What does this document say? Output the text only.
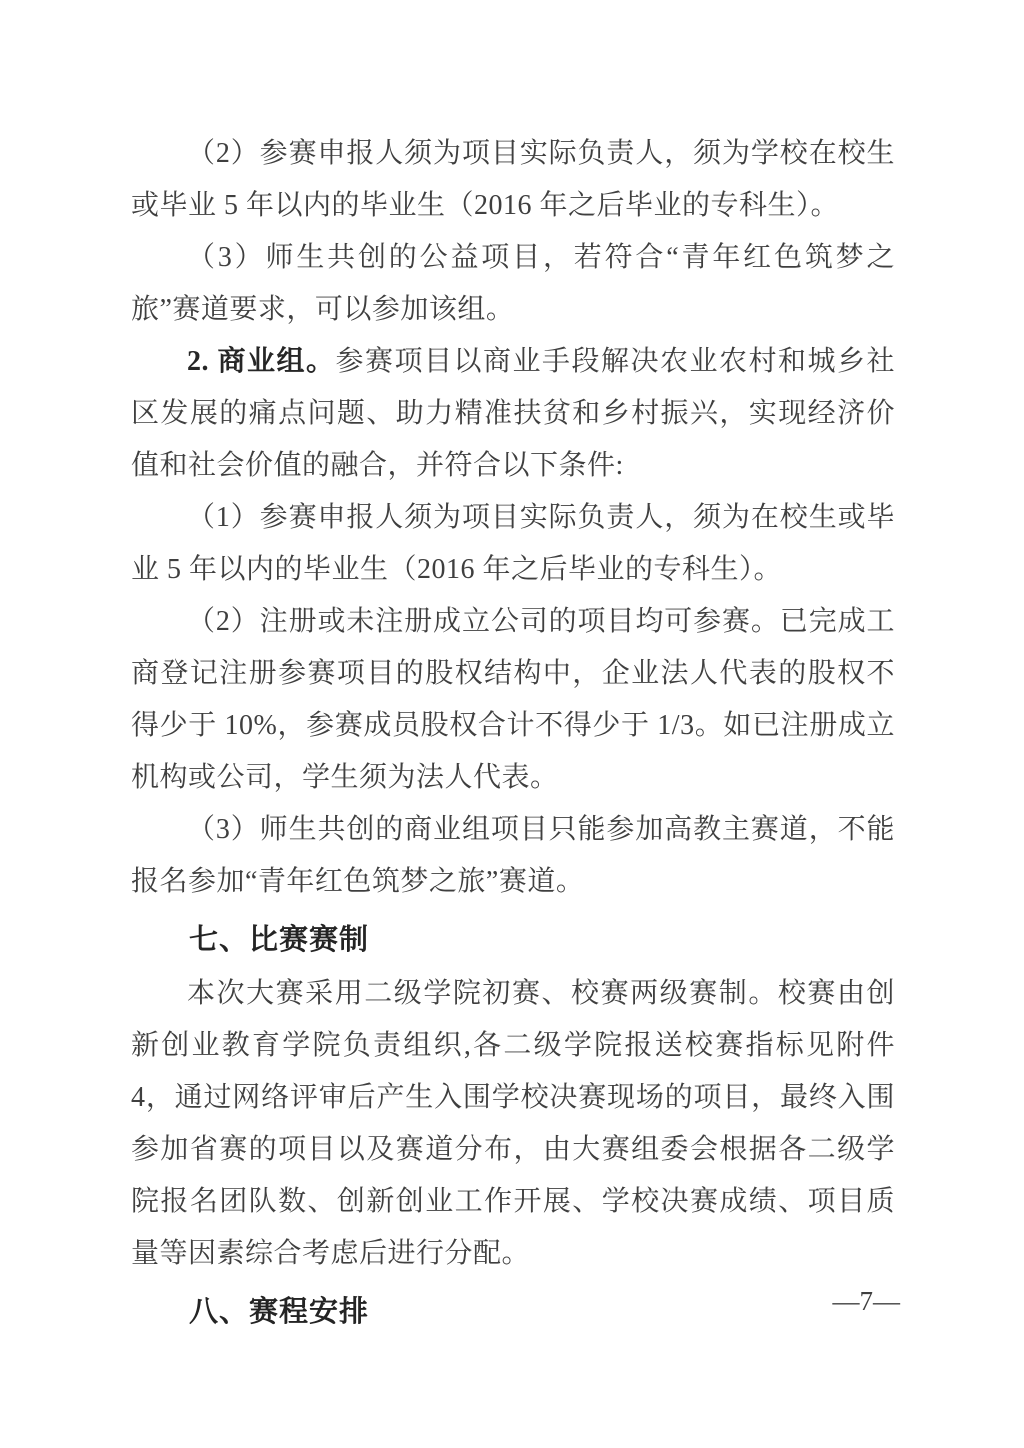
（2）参赛申报人须为项目实际负责人，须为学校在校生或毕业 5 年以内的毕业生（2016 年之后毕业的专科生）。

（3）师生共创的公益项目，若符合“青年红色筑梦之旅”赛道要求，可以参加该组。

2. 商业组。参赛项目以商业手段解决农业农村和城乡社区发展的痛点问题、助力精准扶贫和乡村振兴，实现经济价值和社会价值的融合，并符合以下条件:

（1）参赛申报人须为项目实际负责人，须为在校生或毕业 5 年以内的毕业生（2016 年之后毕业的专科生）。

（2）注册或未注册成立公司的项目均可参赛。已完成工商登记注册参赛项目的股权结构中，企业法人代表的股权不得少于 10%，参赛成员股权合计不得少于 1/3。如已注册成立机构或公司，学生须为法人代表。

（3）师生共创的商业组项目只能参加高教主赛道，不能报名参加“青年红色筑梦之旅”赛道。

七、比赛赛制

本次大赛采用二级学院初赛、校赛两级赛制。校赛由创新创业教育学院负责组织,各二级学院报送校赛指标见附件 4，通过网络评审后产生入围学校决赛现场的项目，最终入围参加省赛的项目以及赛道分布，由大赛组委会根据各二级学院报名团队数、创新创业工作开展、学校决赛成绩、项目质量等因素综合考虑后进行分配。

八、赛程安排	—7—
